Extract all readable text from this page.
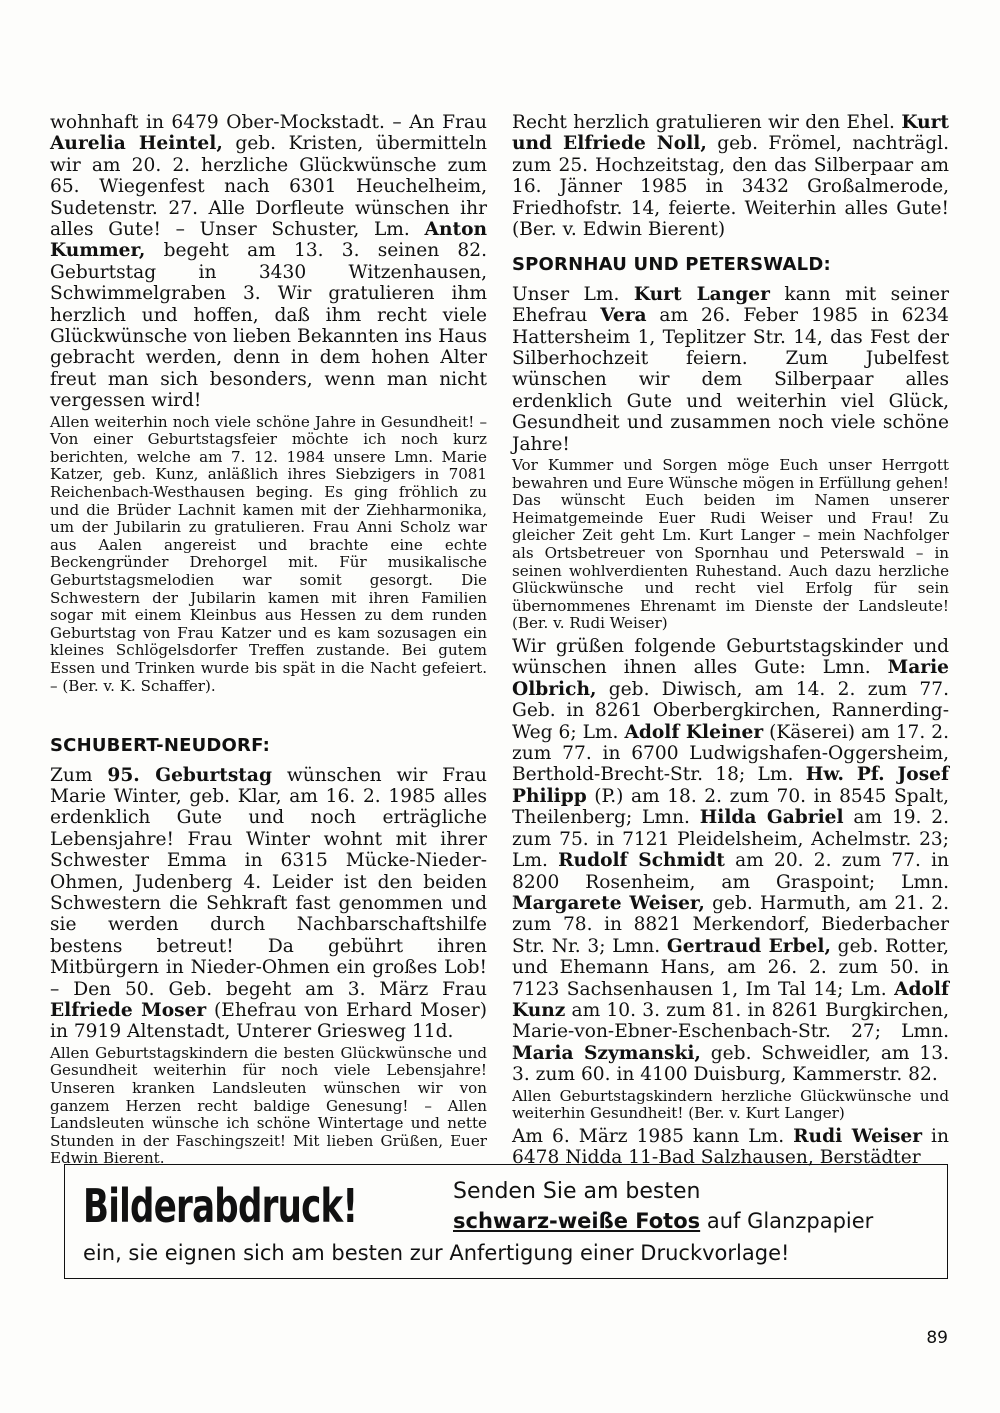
wohnhaft in 6479 Ober-Mockstadt. – An Frau Aurelia Heintel, geb. Kristen, übermitteln wir am 20. 2. herzliche Glückwünsche zum 65. Wiegenfest nach 6301 Heuchelheim, Sudetenstr. 27. Alle Dorfleute wünschen ihr alles Gute! – Unser Schuster, Lm. Anton Kummer, begeht am 13. 3. seinen 82. Geburtstag in 3430 Witzenhausen, Schwimmelgraben 3. Wir gratulieren ihm herzlich und hoffen, daß ihm recht viele Glückwünsche von lieben Bekannten ins Haus gebracht werden, denn in dem hohen Alter freut man sich besonders, wenn man nicht vergessen wird!

Allen weiterhin noch viele schöne Jahre in Gesundheit! – Von einer Geburtstagsfeier möchte ich noch kurz berichten, welche am 7. 12. 1984 unsere Lmn. Marie Katzer, geb. Kunz, anläßlich ihres Siebzigers in 7081 Reichenbach-Westhausen beging. Es ging fröhlich zu und die Brüder Lachnit kamen mit der Ziehharmonika, um der Jubilarin zu gratulieren. Frau Anni Scholz war aus Aalen angereist und brachte eine echte Beckengründer Drehorgel mit. Für musikalische Geburtstagsmelodien war somit gesorgt. Die Schwestern der Jubilarin kamen mit ihren Familien sogar mit einem Kleinbus aus Hessen zu dem runden Geburtstag von Frau Katzer und es kam sozusagen ein kleines Schlögelsdorfer Treffen zustande. Bei gutem Essen und Trinken wurde bis spät in die Nacht gefeiert. – (Ber. v. K. Schaffer).

SCHUBERT-NEUDORF:

Zum 95. Geburtstag wünschen wir Frau Marie Winter, geb. Klar, am 16. 2. 1985 alles erdenklich Gute und noch erträgliche Lebensjahre! Frau Winter wohnt mit ihrer Schwester Emma in 6315 Mücke-Nieder-Ohmen, Judenberg 4. Leider ist den beiden Schwestern die Sehkraft fast genommen und sie werden durch Nachbarschaftshilfe bestens betreut! Da gebührt ihren Mitbürgern in Nieder-Ohmen ein großes Lob! – Den 50. Geb. begeht am 3. März Frau Elfriede Moser (Ehefrau von Erhard Moser) in 7919 Altenstadt, Unterer Griesweg 11d.

Allen Geburtstagskindern die besten Glückwünsche und Gesundheit weiterhin für noch viele Lebensjahre! Unseren kranken Landsleuten wünschen wir von ganzem Herzen recht baldige Genesung! – Allen Landsleuten wünsche ich schöne Wintertage und nette Stunden in der Faschingszeit! Mit lieben Grüßen, Euer Edwin Bierent.

Recht herzlich gratulieren wir den Ehel. Kurt und Elfriede Noll, geb. Frömel, nachträgl. zum 25. Hochzeitstag, den das Silberpaar am 16. Jänner 1985 in 3432 Großalmerode, Friedhofstr. 14, feierte. Weiterhin alles Gute! (Ber. v. Edwin Bierent)

SPORNHAU UND PETERSWALD:

Unser Lm. Kurt Langer kann mit seiner Ehefrau Vera am 26. Feber 1985 in 6234 Hattersheim 1, Teplitzer Str. 14, das Fest der Silberhochzeit feiern. Zum Jubelfest wünschen wir dem Silberpaar alles erdenklich Gute und weiterhin viel Glück, Gesundheit und zusammen noch viele schöne Jahre!

Vor Kummer und Sorgen möge Euch unser Herrgott bewahren und Eure Wünsche mögen in Erfüllung gehen! Das wünscht Euch beiden im Namen unserer Heimatgemeinde Euer Rudi Weiser und Frau! Zu gleicher Zeit geht Lm. Kurt Langer – mein Nachfolger als Ortsbetreuer von Spornhau und Peterswald – in seinen wohlverdienten Ruhestand. Auch dazu herzliche Glückwünsche und recht viel Erfolg für sein übernommenes Ehrenamt im Dienste der Landsleute! (Ber. v. Rudi Weiser)

Wir grüßen folgende Geburtstagskinder und wünschen ihnen alles Gute: Lmn. Marie Olbrich, geb. Diwisch, am 14. 2. zum 77. Geb. in 8261 Oberbergkirchen, Rannerding-Weg 6; Lm. Adolf Kleiner (Käserei) am 17. 2. zum 77. in 6700 Ludwigshafen-Oggersheim, Berthold-Brecht-Str. 18; Lm. Hw. Pf. Josef Philipp (P.) am 18. 2. zum 70. in 8545 Spalt, Theilenberg; Lmn. Hilda Gabriel am 19. 2. zum 75. in 7121 Pleidelsheim, Achelmstr. 23; Lm. Rudolf Schmidt am 20. 2. zum 77. in 8200 Rosenheim, am Graspoint; Lmn. Margarete Weiser, geb. Harmuth, am 21. 2. zum 78. in 8821 Merkendorf, Biederbacher Str. Nr. 3; Lmn. Gertraud Erbel, geb. Rotter, und Ehemann Hans, am 26. 2. zum 50. in 7123 Sachsenhausen 1, Im Tal 14; Lm. Adolf Kunz am 10. 3. zum 81. in 8261 Burgkirchen, Marie-von-Ebner-Eschenbach-Str. 27; Lmn. Maria Szymanski, geb. Schweidler, am 13. 3. zum 60. in 4100 Duisburg, Kammerstr. 82.

Allen Geburtstagskindern herzliche Glückwünsche und weiterhin Gesundheit! (Ber. v. Kurt Langer)

Am 6. März 1985 kann Lm. Rudi Weiser in 6478 Nidda 11-Bad Salzhausen, Berstädter

Bilderabdruck!	Senden Sie am besten
schwarz-weiße Fotos auf Glanzpapier
ein, sie eignen sich am besten zur Anfertigung einer Druckvorlage!
89
